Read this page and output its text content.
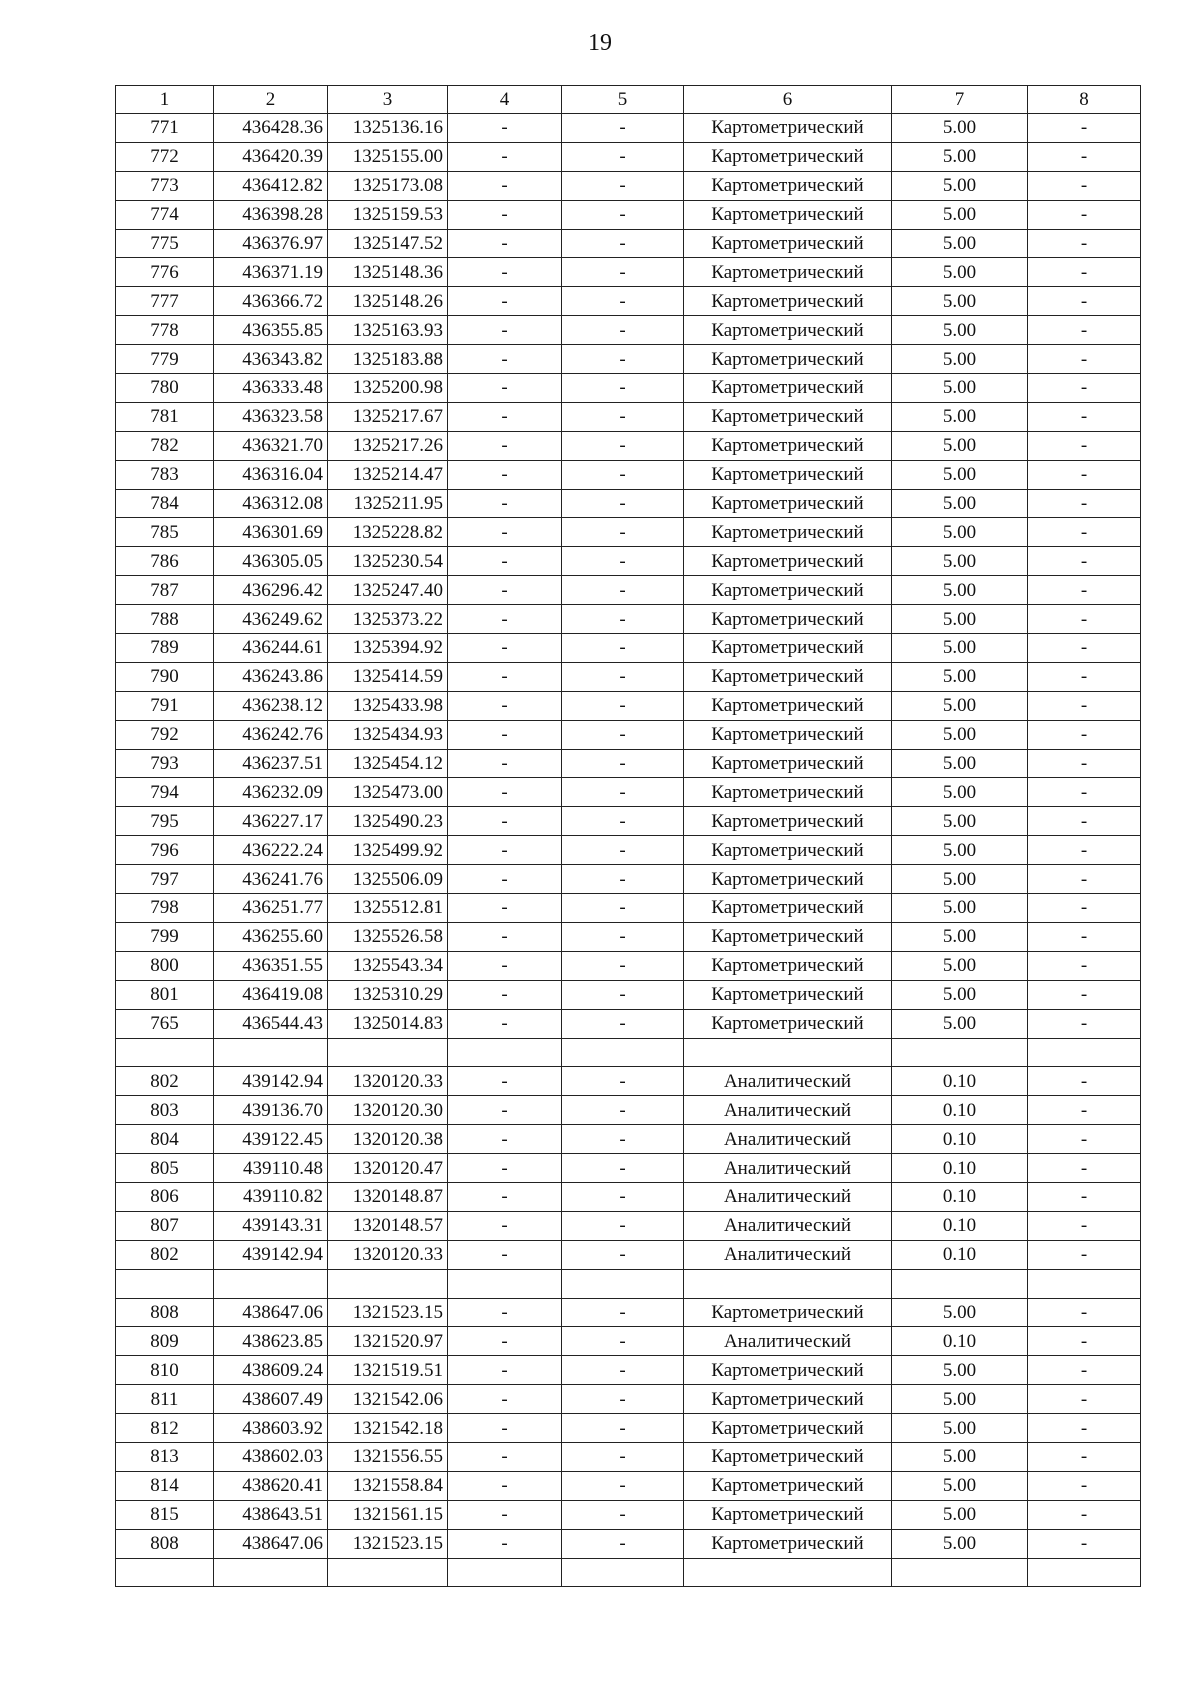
19
1	2	3	4	5	6	7	8
771	436428.36	1325136.16	-	-	Картометрический	5.00	-
772	436420.39	1325155.00	-	-	Картометрический	5.00	-
773	436412.82	1325173.08	-	-	Картометрический	5.00	-
774	436398.28	1325159.53	-	-	Картометрический	5.00	-
775	436376.97	1325147.52	-	-	Картометрический	5.00	-
776	436371.19	1325148.36	-	-	Картометрический	5.00	-
777	436366.72	1325148.26	-	-	Картометрический	5.00	-
778	436355.85	1325163.93	-	-	Картометрический	5.00	-
779	436343.82	1325183.88	-	-	Картометрический	5.00	-
780	436333.48	1325200.98	-	-	Картометрический	5.00	-
781	436323.58	1325217.67	-	-	Картометрический	5.00	-
782	436321.70	1325217.26	-	-	Картометрический	5.00	-
783	436316.04	1325214.47	-	-	Картометрический	5.00	-
784	436312.08	1325211.95	-	-	Картометрический	5.00	-
785	436301.69	1325228.82	-	-	Картометрический	5.00	-
786	436305.05	1325230.54	-	-	Картометрический	5.00	-
787	436296.42	1325247.40	-	-	Картометрический	5.00	-
788	436249.62	1325373.22	-	-	Картометрический	5.00	-
789	436244.61	1325394.92	-	-	Картометрический	5.00	-
790	436243.86	1325414.59	-	-	Картометрический	5.00	-
791	436238.12	1325433.98	-	-	Картометрический	5.00	-
792	436242.76	1325434.93	-	-	Картометрический	5.00	-
793	436237.51	1325454.12	-	-	Картометрический	5.00	-
794	436232.09	1325473.00	-	-	Картометрический	5.00	-
795	436227.17	1325490.23	-	-	Картометрический	5.00	-
796	436222.24	1325499.92	-	-	Картометрический	5.00	-
797	436241.76	1325506.09	-	-	Картометрический	5.00	-
798	436251.77	1325512.81	-	-	Картометрический	5.00	-
799	436255.60	1325526.58	-	-	Картометрический	5.00	-
800	436351.55	1325543.34	-	-	Картометрический	5.00	-
801	436419.08	1325310.29	-	-	Картометрический	5.00	-
765	436544.43	1325014.83	-	-	Картометрический	5.00	-

802	439142.94	1320120.33	-	-	Аналитический	0.10	-
803	439136.70	1320120.30	-	-	Аналитический	0.10	-
804	439122.45	1320120.38	-	-	Аналитический	0.10	-
805	439110.48	1320120.47	-	-	Аналитический	0.10	-
806	439110.82	1320148.87	-	-	Аналитический	0.10	-
807	439143.31	1320148.57	-	-	Аналитический	0.10	-
802	439142.94	1320120.33	-	-	Аналитический	0.10	-

808	438647.06	1321523.15	-	-	Картометрический	5.00	-
809	438623.85	1321520.97	-	-	Аналитический	0.10	-
810	438609.24	1321519.51	-	-	Картометрический	5.00	-
811	438607.49	1321542.06	-	-	Картометрический	5.00	-
812	438603.92	1321542.18	-	-	Картометрический	5.00	-
813	438602.03	1321556.55	-	-	Картометрический	5.00	-
814	438620.41	1321558.84	-	-	Картометрический	5.00	-
815	438643.51	1321561.15	-	-	Картометрический	5.00	-
808	438647.06	1321523.15	-	-	Картометрический	5.00	-
